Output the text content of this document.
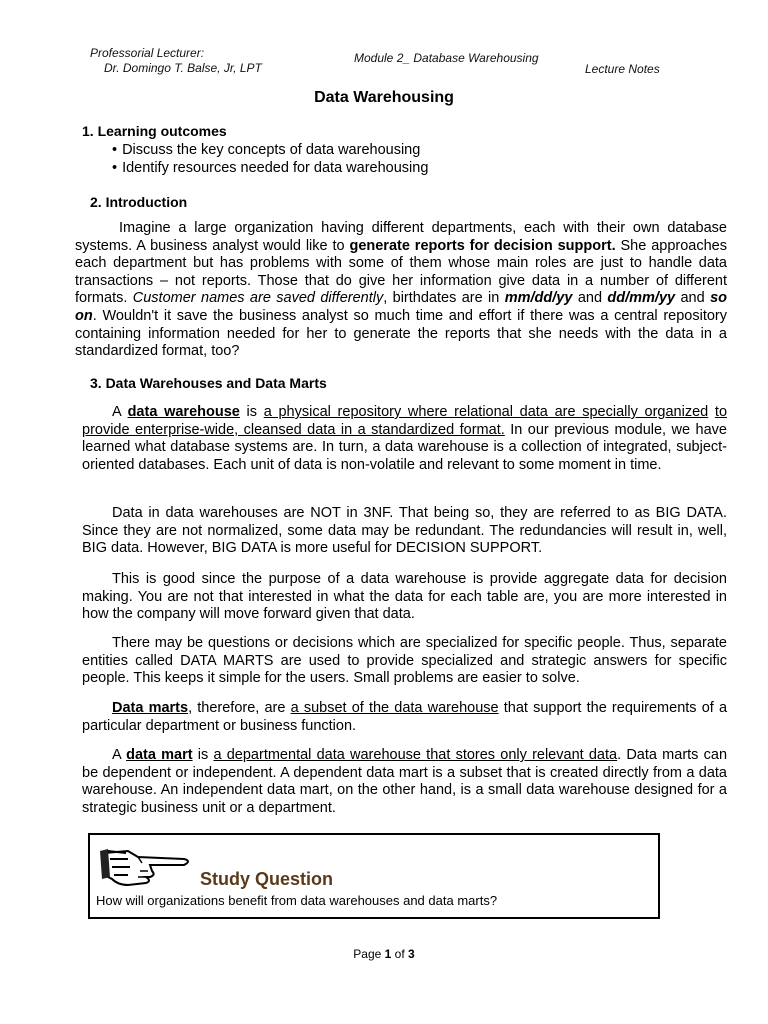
Professorial Lecturer:
Dr. Domingo T. Balse, Jr, LPT
Module 2_ Database Warehousing
Lecture Notes
Data Warehousing
1. Learning outcomes
• Discuss the key concepts of data warehousing
• Identify resources needed for data warehousing
2. Introduction

Imagine a large organization having different departments, each with their own database systems. A business analyst would like to generate reports for decision support. She approaches each department but has problems with some of them whose main roles are just to handle data transactions – not reports. Those that do give her information give data in a number of different formats. Customer names are saved differently, birthdates are in mm/dd/yy and dd/mm/yy and so on. Wouldn't it save the business analyst so much time and effort if there was a central repository containing information needed for her to generate the reports that she needs with the data in a standardized format, too?

3. Data Warehouses and Data Marts

A data warehouse is a physical repository where relational data are specially organized to provide enterprise-wide, cleansed data in a standardized format. In our previous module, we have learned what database systems are. In turn, a data warehouse is a collection of integrated, subject-oriented databases. Each unit of data is non-volatile and relevant to some moment in time.

Data in data warehouses are NOT in 3NF. That being so, they are referred to as BIG DATA. Since they are not normalized, some data may be redundant. The redundancies will result in, well, BIG data. However, BIG DATA is more useful for DECISION SUPPORT.

This is good since the purpose of a data warehouse is provide aggregate data for decision making. You are not that interested in what the data for each table are, you are more interested in how the company will move forward given that data.

There may be questions or decisions which are specialized for specific people. Thus, separate entities called DATA MARTS are used to provide specialized and strategic answers for specific people. This keeps it simple for the users. Small problems are easier to solve.

Data marts, therefore, are a subset of the data warehouse that support the requirements of a particular department or business function.

A data mart is a departmental data warehouse that stores only relevant data. Data marts can be dependent or independent. A dependent data mart is a subset that is created directly from a data warehouse. An independent data mart, on the other hand, is a small data warehouse designed for a strategic business unit or a department.

Study Question
How will organizations benefit from data warehouses and data marts?
Page 1 of 3
